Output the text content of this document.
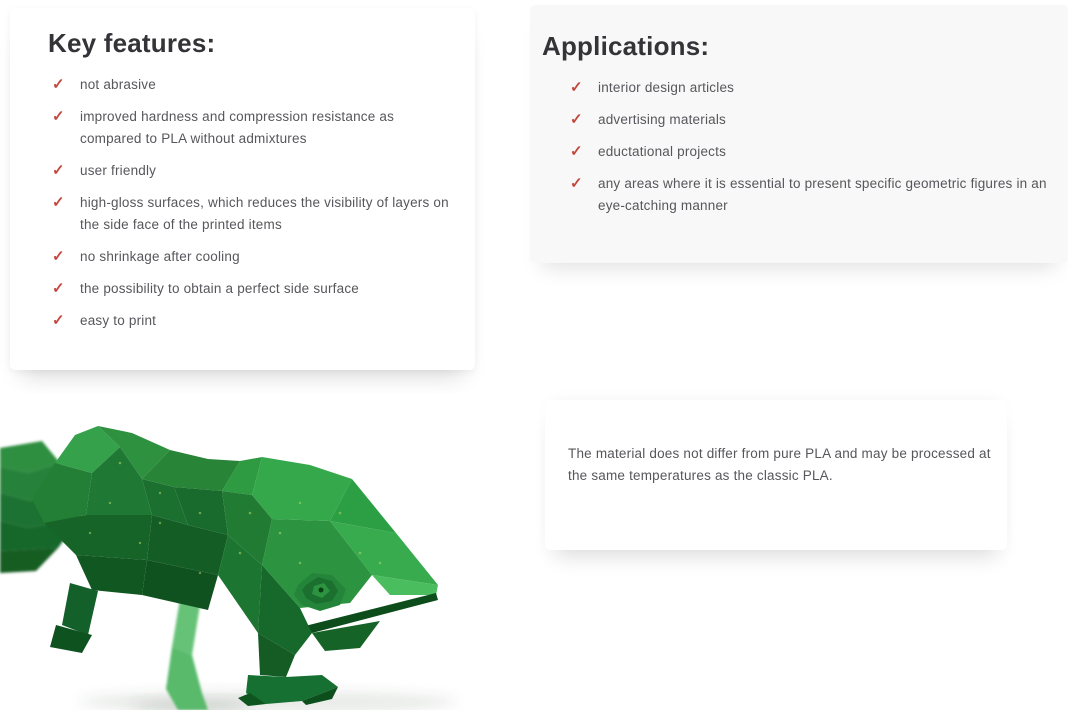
Key features:
✓	not abrasive
✓	improved hardness and compression resistance as compared to PLA without admixtures
✓	user friendly
✓	high-gloss surfaces, which reduces the visibility of layers on the side face of the printed items
✓	no shrinkage after cooling
✓	the possibility to obtain a perfect side surface
✓	easy to print
Applications:
✓	interior design articles
✓	advertising materials
✓	eductational projects
✓	any areas where it is essential to present specific geometric figures in an eye-catching manner

The material does not differ from pure PLA and may be processed at the same temperatures as the classic PLA.
